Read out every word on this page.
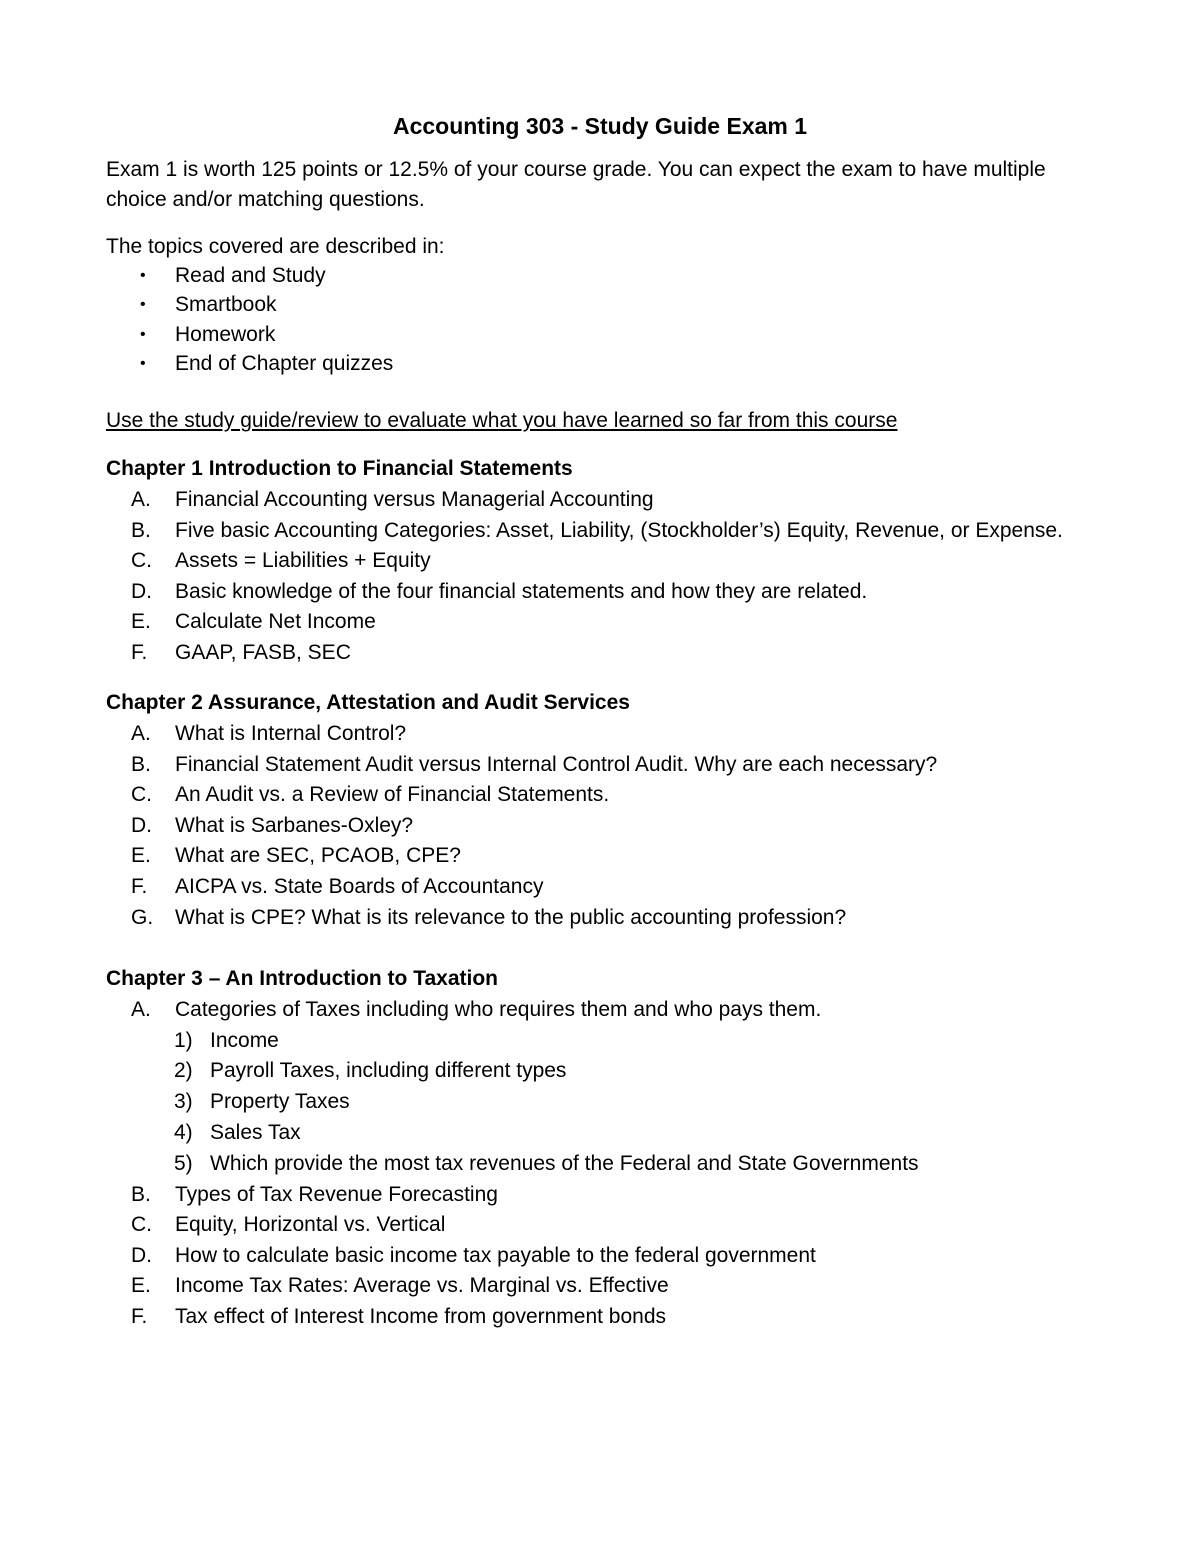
Accounting 303 - Study Guide Exam 1
Exam 1 is worth 125 points or 12.5% of your course grade. You can expect the exam to have multiple
choice and/or matching questions.
The topics covered are described in:
• Read and Study
• Smartbook
• Homework
• End of Chapter quizzes
Use the study guide/review to evaluate what you have learned so far from this course
Chapter 1 Introduction to Financial Statements
A. Financial Accounting versus Managerial Accounting
B. Five basic Accounting Categories: Asset, Liability, (Stockholder’s) Equity, Revenue, or Expense.
C. Assets = Liabilities + Equity
D. Basic knowledge of the four financial statements and how they are related.
E. Calculate Net Income
F. GAAP, FASB, SEC
Chapter 2 Assurance, Attestation and Audit Services
A. What is Internal Control?
B. Financial Statement Audit versus Internal Control Audit. Why are each necessary?
C. An Audit vs. a Review of Financial Statements.
D. What is Sarbanes-Oxley?
E. What are SEC, PCAOB, CPE?
F. AICPA vs. State Boards of Accountancy
G. What is CPE? What is its relevance to the public accounting profession?
Chapter 3 – An Introduction to Taxation
A. Categories of Taxes including who requires them and who pays them.
1) Income
2) Payroll Taxes, including different types
3) Property Taxes
4) Sales Tax
5) Which provide the most tax revenues of the Federal and State Governments
B. Types of Tax Revenue Forecasting
C. Equity, Horizontal vs. Vertical
D. How to calculate basic income tax payable to the federal government
E. Income Tax Rates: Average vs. Marginal vs. Effective
F. Tax effect of Interest Income from government bonds
